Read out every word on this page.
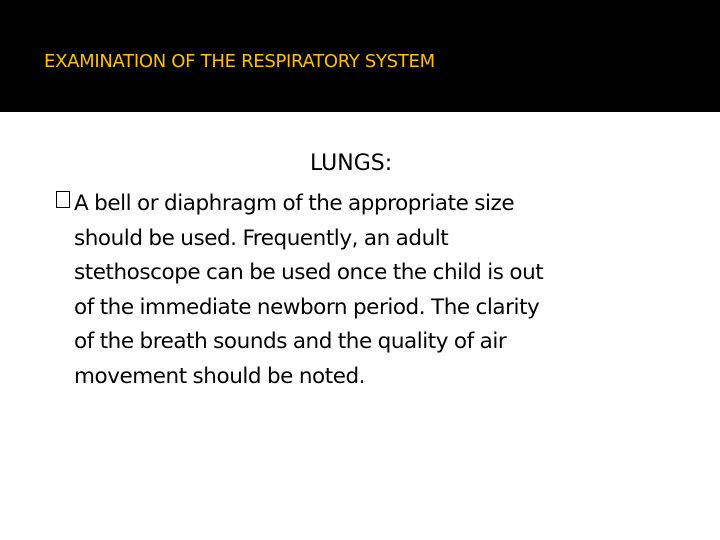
EXAMINATION OF THE RESPIRATORY SYSTEM

LUNGS:

A bell or diaphragm of the appropriate size
should be used. Frequently, an adult
stethoscope can be used once the child is out
of the immediate newborn period. The clarity
of the breath sounds and the quality of air
movement should be noted.
